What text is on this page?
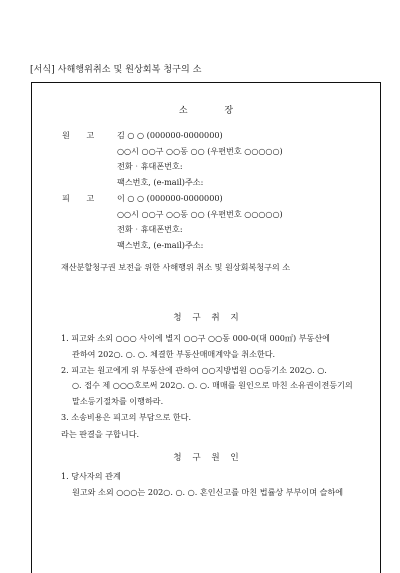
[서식] 사해행위취소 및 원상회복 청구의 소
소 장
원 고	김 ○ ○ (000000-0000000)
○○시 ○○구 ○○동 ○○ (우편번호 ○○○○○)
전화‧휴대폰번호:
팩스번호, (e-mail)주소:
피 고	이 ○ ○ (000000-0000000)
○○시 ○○구 ○○동 ○○ (우편번호 ○○○○○)
전화‧휴대폰번호:
팩스번호, (e-mail)주소:
재산분할청구권 보전을 위한 사해행위 취소 및 원상회복청구의 소
청 구 취 지
1. 피고와 소외 ○○○ 사이에 별지 ○○구 ○○동 000-0(대 000㎡) 부동산에
관하여 202○. ○. ○. 체결한 부동산매매계약을 취소한다.
2. 피고는 원고에게 위 부동산에 관하여 ○○지방법원 ○○등기소 202○. ○.
○. 접수 제 ○○○호로써 202○. ○. ○. 매매를 원인으로 마친 소유권이전등기의
말소등기절차를 이행하라.
3. 소송비용은 피고의 부담으로 한다.
라는 판결을 구합니다.
청 구 원 인
1. 당사자의 관계
원고와 소외 ○○○는 202○. ○. ○. 혼인신고를 마친 법률상 부부이며 슬하에
